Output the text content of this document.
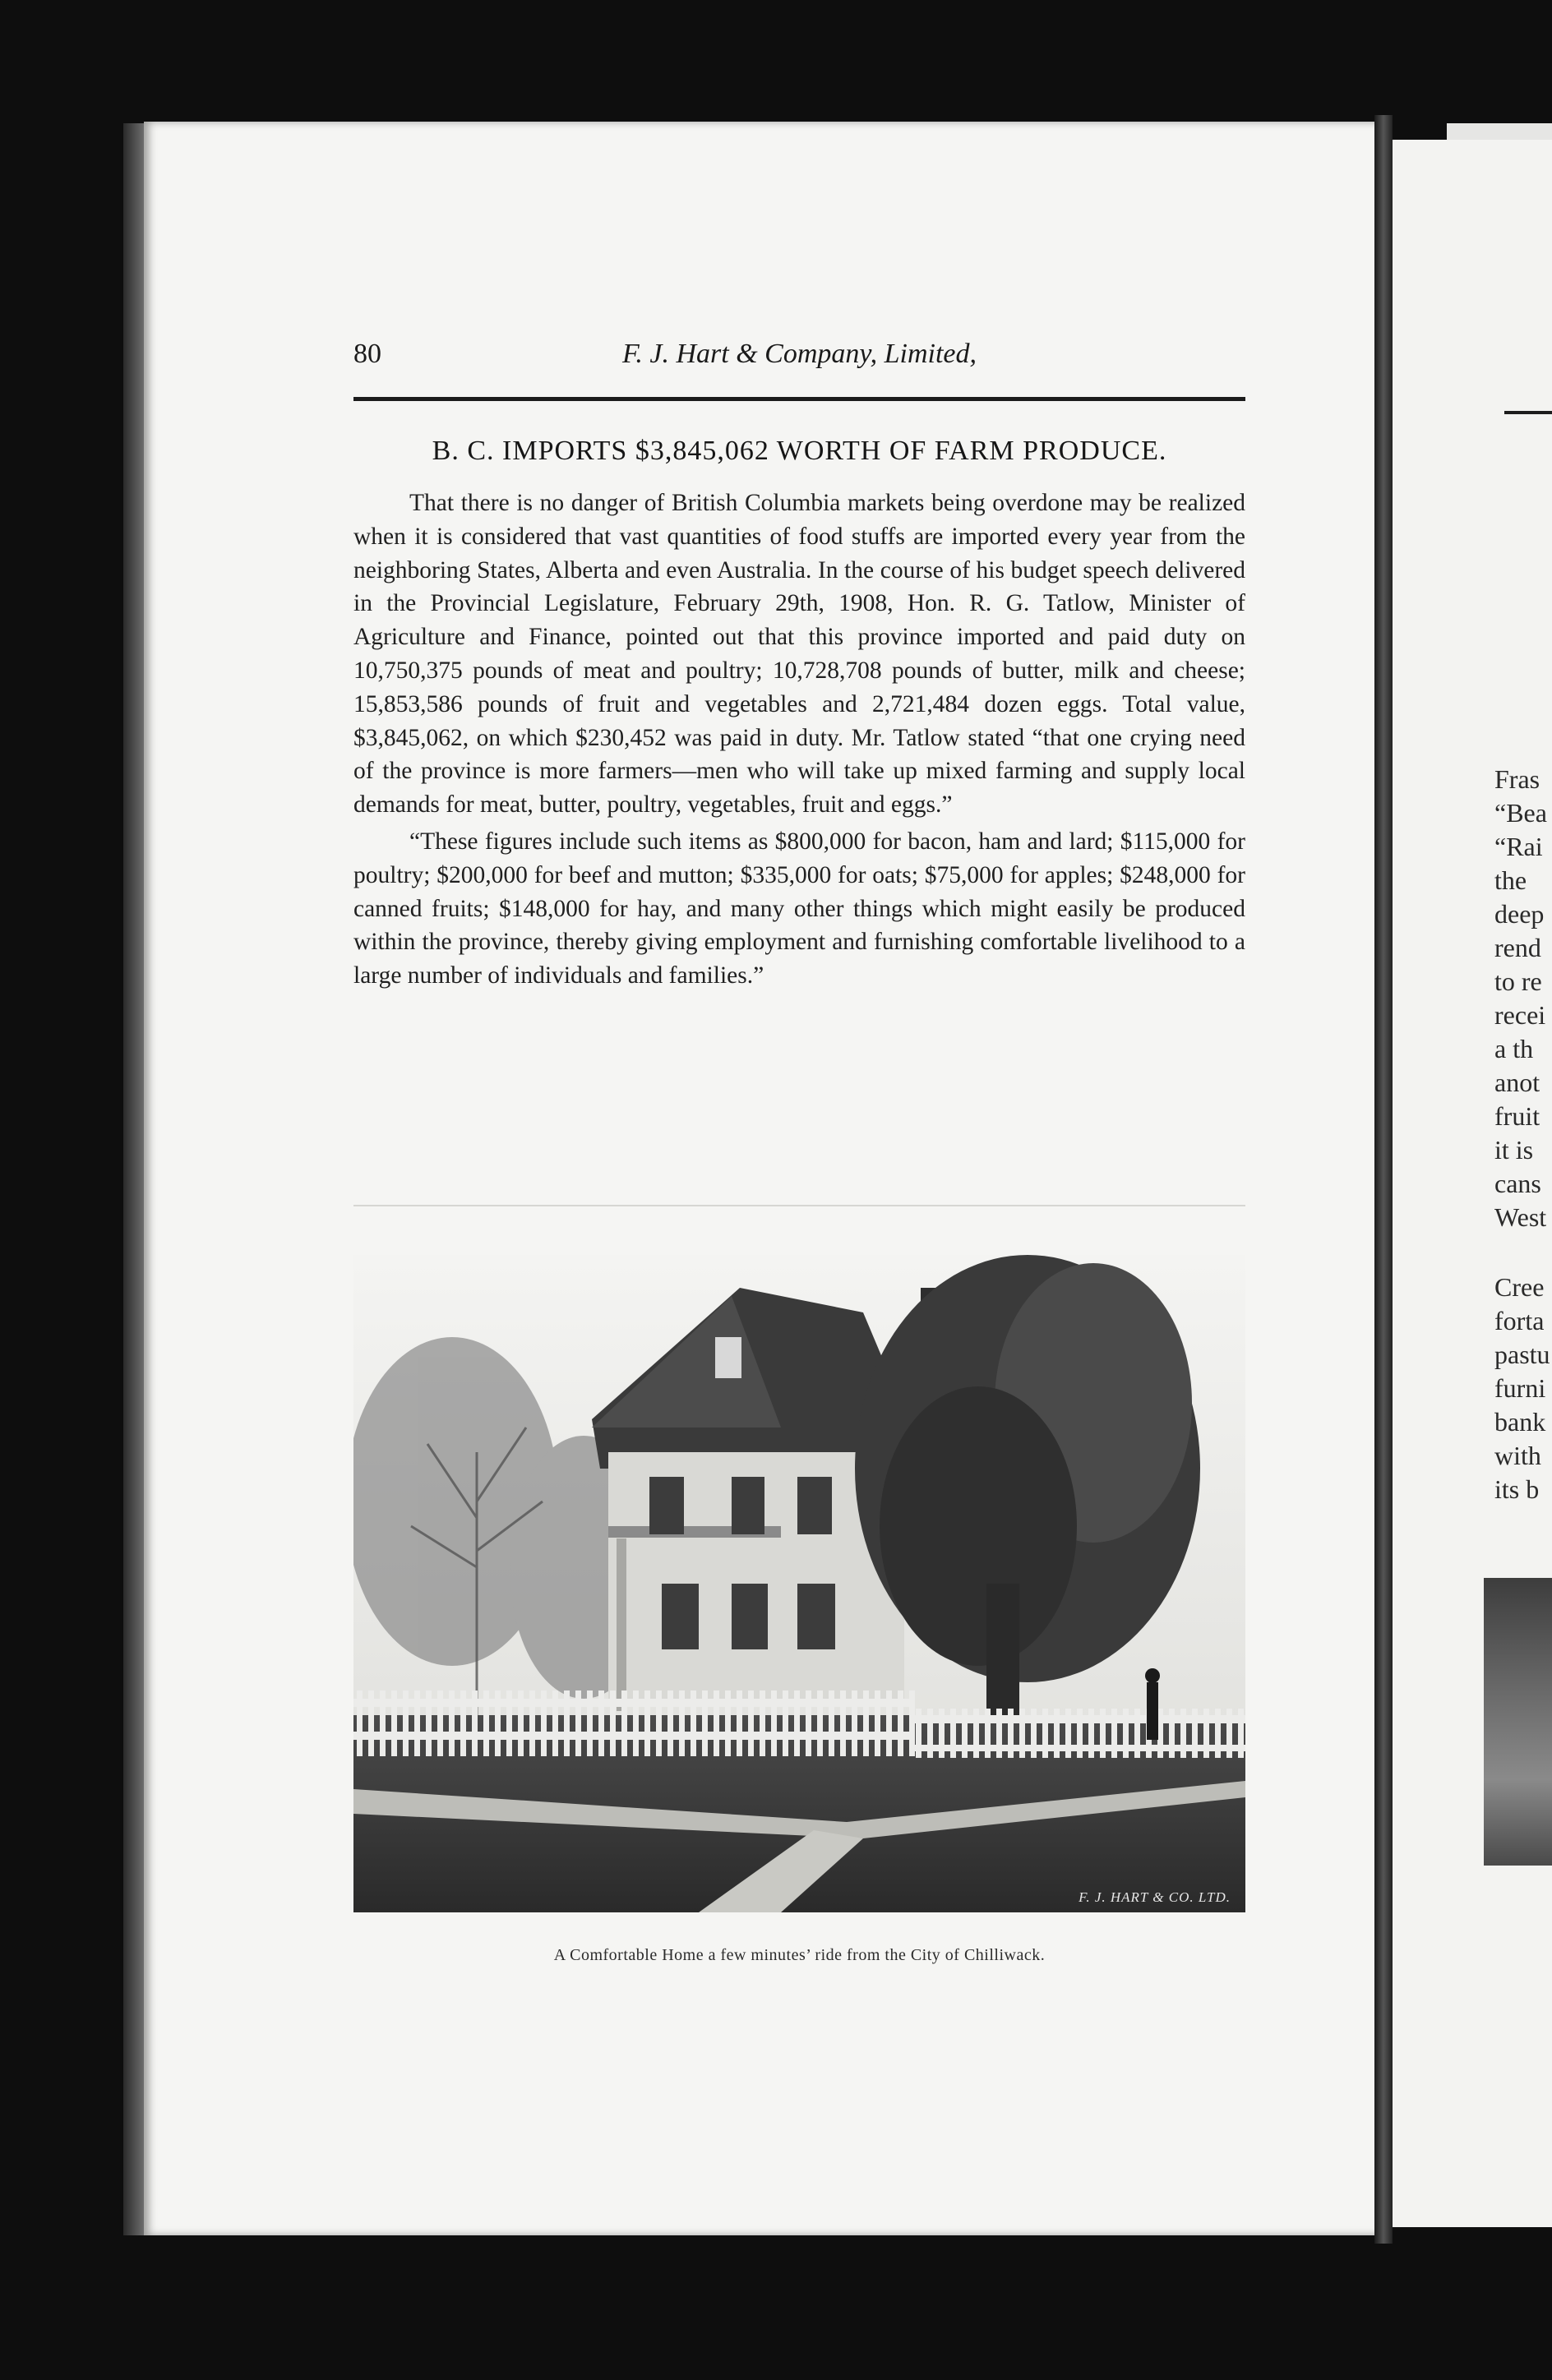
Fras
“Bea
“Rai
the
deep
rend
to re
recei
a th
anot
fruit
it is
cans
West
Cree
forta
pastu
furni
bank
with
its b
80	F. J. Hart & Company, Limited,
B. C. IMPORTS $3,845,062 WORTH OF FARM PRODUCE.

That there is no danger of British Columbia markets being overdone may be realized when it is considered that vast quantities of food stuffs are imported every year from the neighboring States, Alberta and even Australia. In the course of his budget speech delivered in the Provincial Legislature, February 29th, 1908, Hon. R. G. Tatlow, Minister of Agriculture and Finance, pointed out that this province imported and paid duty on 10,750,375 pounds of meat and poultry; 10,728,708 pounds of butter, milk and cheese; 15,853,586 pounds of fruit and vegetables and 2,721,484 dozen eggs. Total value, $3,845,062, on which $230,452 was paid in duty. Mr. Tatlow stated “that one crying need of the province is more farmers—men who will take up mixed farming and supply local demands for meat, butter, poultry, vegetables, fruit and eggs.”

“These figures include such items as $800,000 for bacon, ham and lard; $115,000 for poultry; $200,000 for beef and mutton; $335,000 for oats; $75,000 for apples; $248,000 for canned fruits; $148,000 for hay, and many other things which might easily be produced within the province, thereby giving employment and furnishing comfortable livelihood to a large number of individuals and families.”

F. J. HART & CO. LTD.
A Comfortable Home a few minutes’ ride from the City of Chilliwack.
